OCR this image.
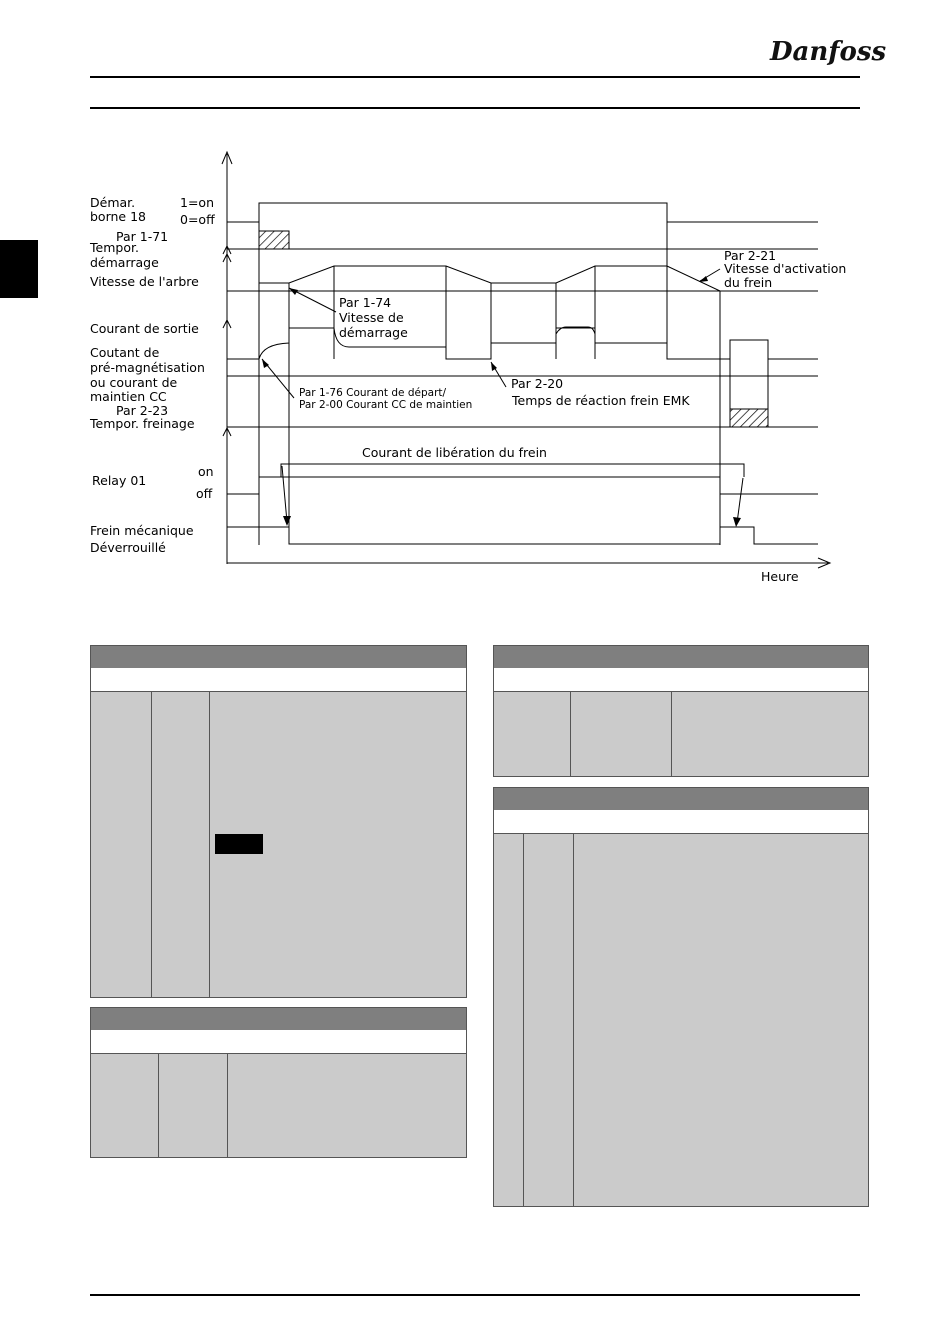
Danfoss
Démar.
borne 18
1=on
0=off
Par 1-71
Tempor.
démarrage
Vitesse de l'arbre
Courant de sortie
Coutant de
pré-magnétisation
ou courant de
maintien CC
Par 2-23
Tempor. freinage
Relay 01
on
off
Frein mécanique
Déverrouillé
Heure
Par 2-21
Vitesse d'activation
du frein
Par 1-74
Vitesse de
démarrage
Par 1-76 Courant de départ/
Par 2-00 Courant CC de maintien
Par 2-20
Temps de réaction frein EMK
Courant de libération du frein
